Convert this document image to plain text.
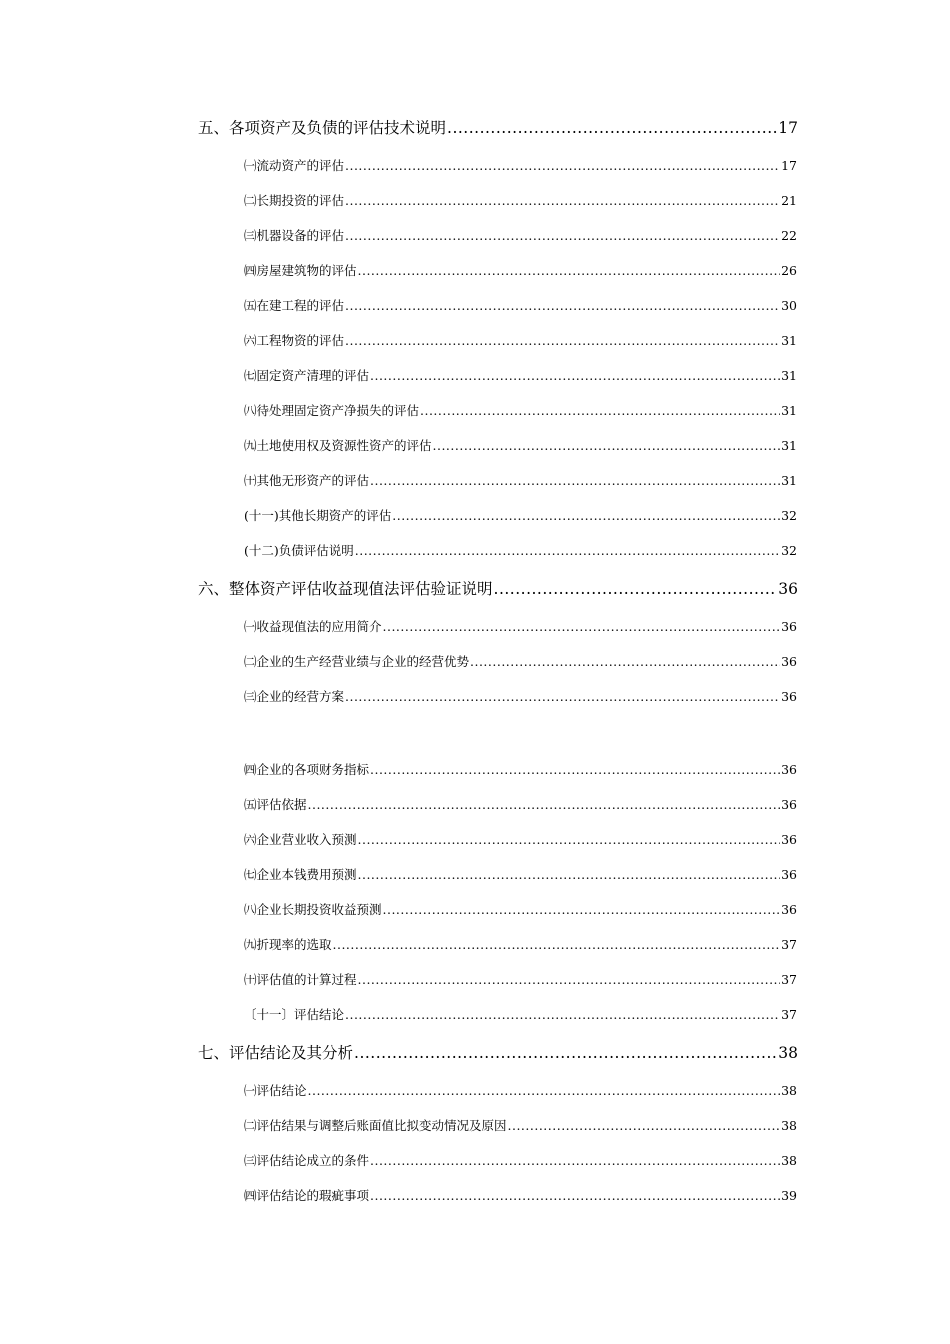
五、各项资产及负债的评估技术说明 .....	17
㈠流动资产的评估 .....	17
㈡长期投资的评估 .....	21
㈢机器设备的评估 .....	22
㈣房屋建筑物的评估 .....	26
㈤在建工程的评估 .....	30
㈥工程物资的评估 .....	31
㈦固定资产清理的评估 .....	31
㈧待处理固定资产净损失的评估 .....	31
㈨土地使用权及资源性资产的评估 .....	31
㈩其他无形资产的评估 .....	31
(十一)其他长期资产的评估 .....	32
(十二)负债评估说明 .....	32
六、整体资产评估收益现值法评估验证说明 .....	36
㈠收益现值法的应用简介 .....	36
㈡企业的生产经营业绩与企业的经营优势 .....	36
㈢企业的经营方案 .....	36
㈣企业的各项财务指标 .....	36
㈤评估依据 .....	36
㈥企业营业收入预测 .....	36
㈦企业本钱费用预测 .....	36
㈧企业长期投资收益预测 .....	36
㈨折现率的选取 .....	37
㈩评估值的计算过程 .....	37
〔十一〕评估结论 .....	37
七、评估结论及其分析 .....	38
㈠评估结论 .....	38
㈡评估结果与调整后账面值比拟变动情况及原因 .....	38
㈢评估结论成立的条件 .....	38
㈣评估结论的瑕疵事项 .....	39
